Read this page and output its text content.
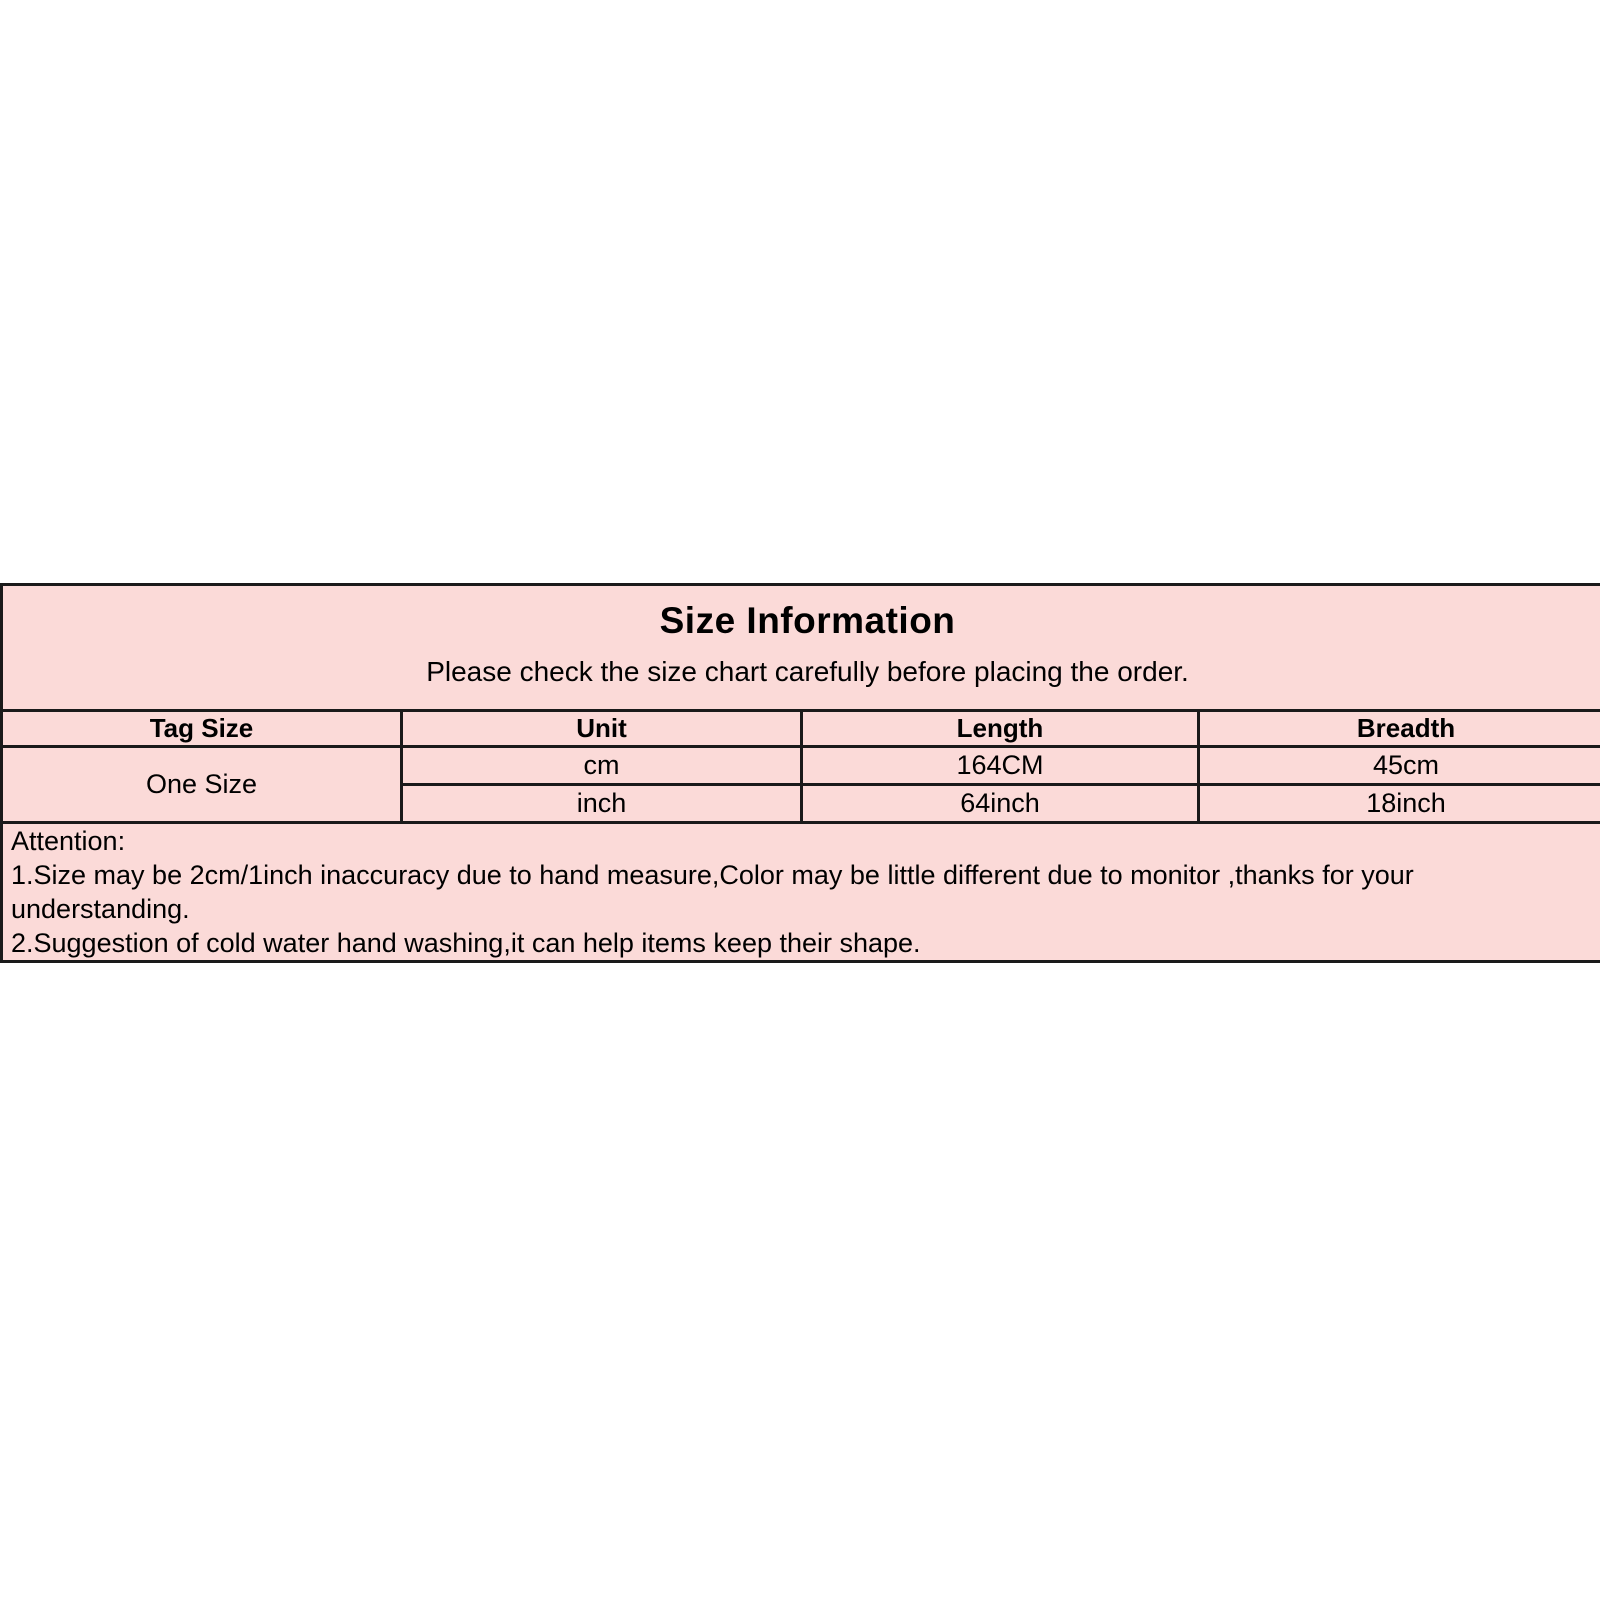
Size Information
Please check the size chart carefully before placing the order.			

Tag Size	Unit	Length	Breadth
One Size	cm	164CM	45cm
	inch	64inch	18inch

Attention:
1.Size may be 2cm/1inch inaccuracy due to hand measure,Color may be little different due to monitor ,thanks for your
understanding.
2.Suggestion of cold water hand washing,it can help items keep their shape.			
